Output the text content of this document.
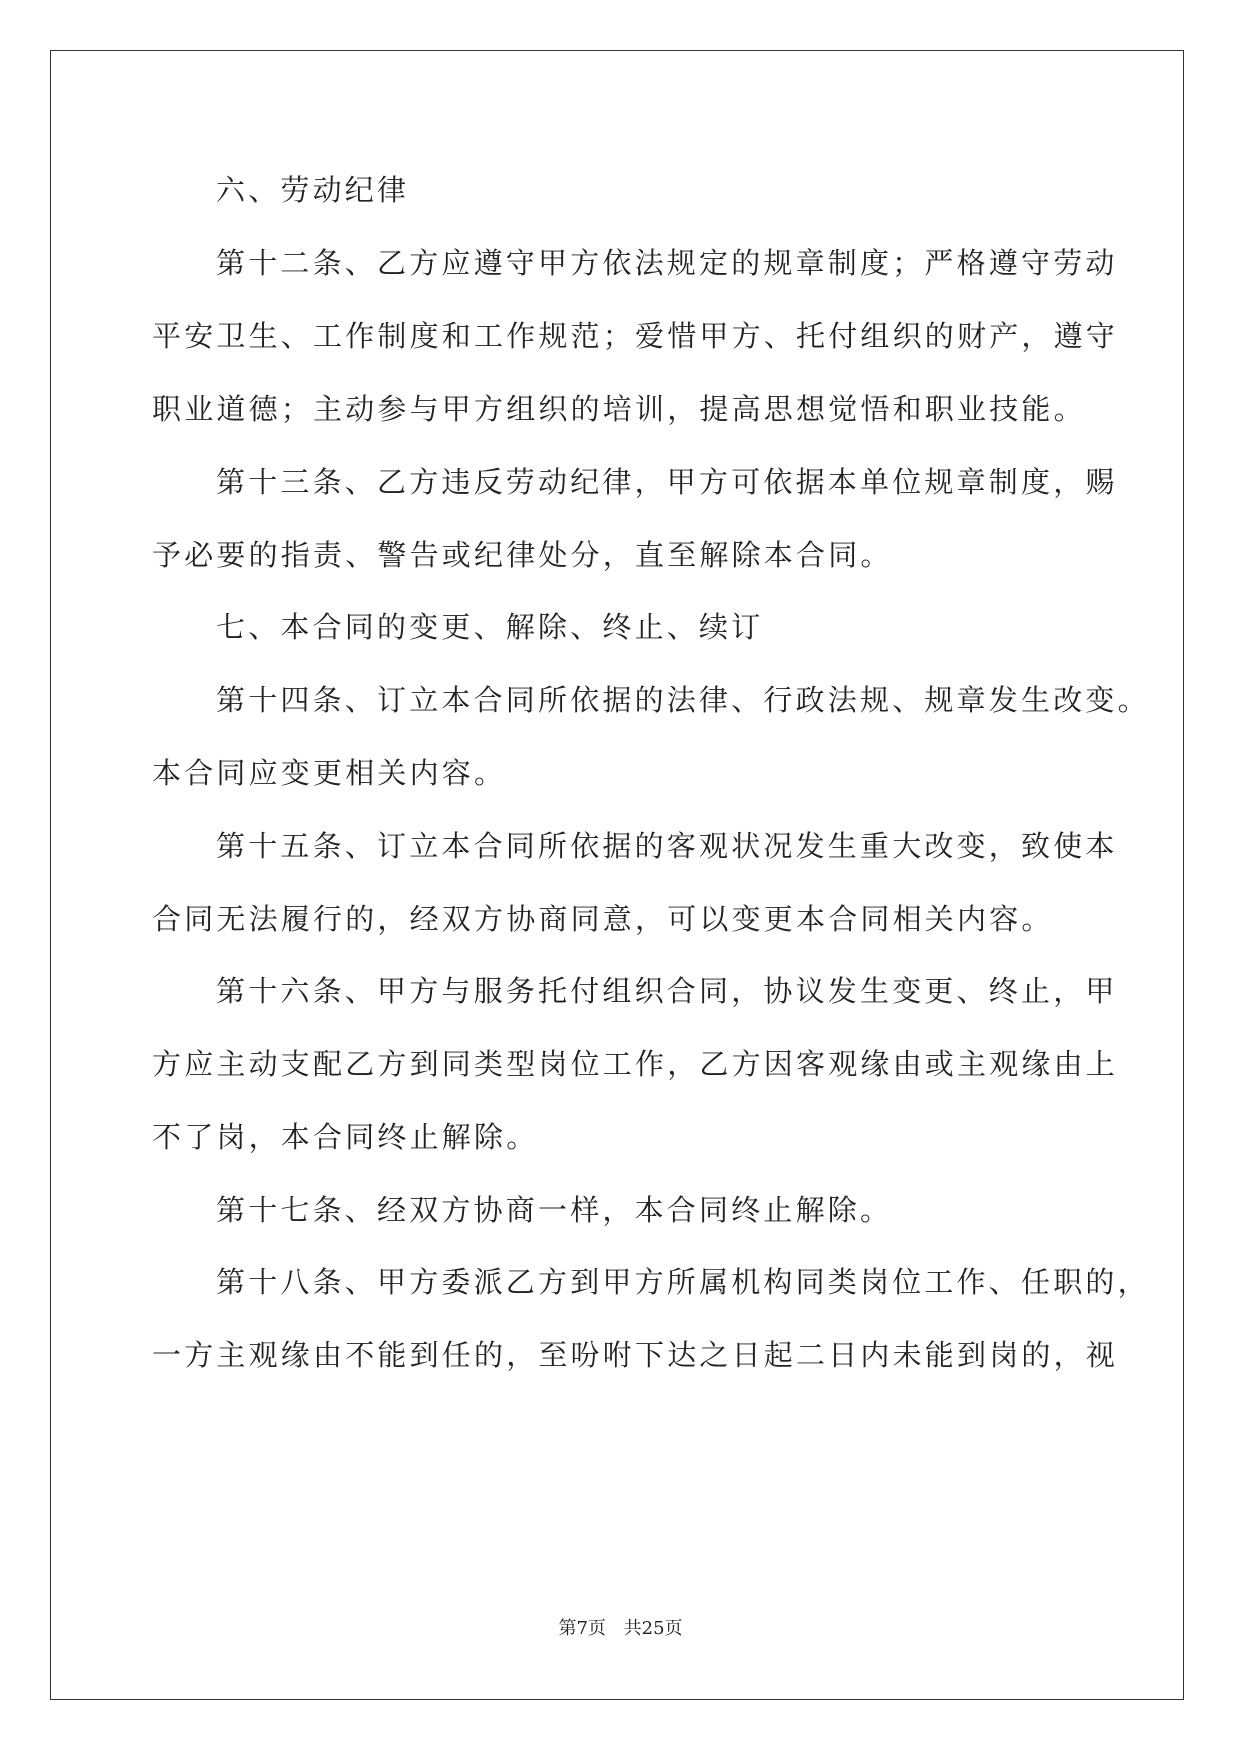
六、劳动纪律
第十二条、乙方应遵守甲方依法规定的规章制度；严格遵守劳动
平安卫生、工作制度和工作规范；爱惜甲方、托付组织的财产，遵守
职业道德；主动参与甲方组织的培训，提高思想觉悟和职业技能。
第十三条、乙方违反劳动纪律，甲方可依据本单位规章制度，赐
予必要的指责、警告或纪律处分，直至解除本合同。
七、本合同的变更、解除、终止、续订
第十四条、订立本合同所依据的法律、行政法规、规章发生改变。
本合同应变更相关内容。
第十五条、订立本合同所依据的客观状况发生重大改变，致使本
合同无法履行的，经双方协商同意，可以变更本合同相关内容。
第十六条、甲方与服务托付组织合同，协议发生变更、终止，甲
方应主动支配乙方到同类型岗位工作，乙方因客观缘由或主观缘由上
不了岗，本合同终止解除。
第十七条、经双方协商一样，本合同终止解除。
第十八条、甲方委派乙方到甲方所属机构同类岗位工作、任职的，
一方主观缘由不能到任的，至吩咐下达之日起二日内未能到岗的，视
第7页 共25页
